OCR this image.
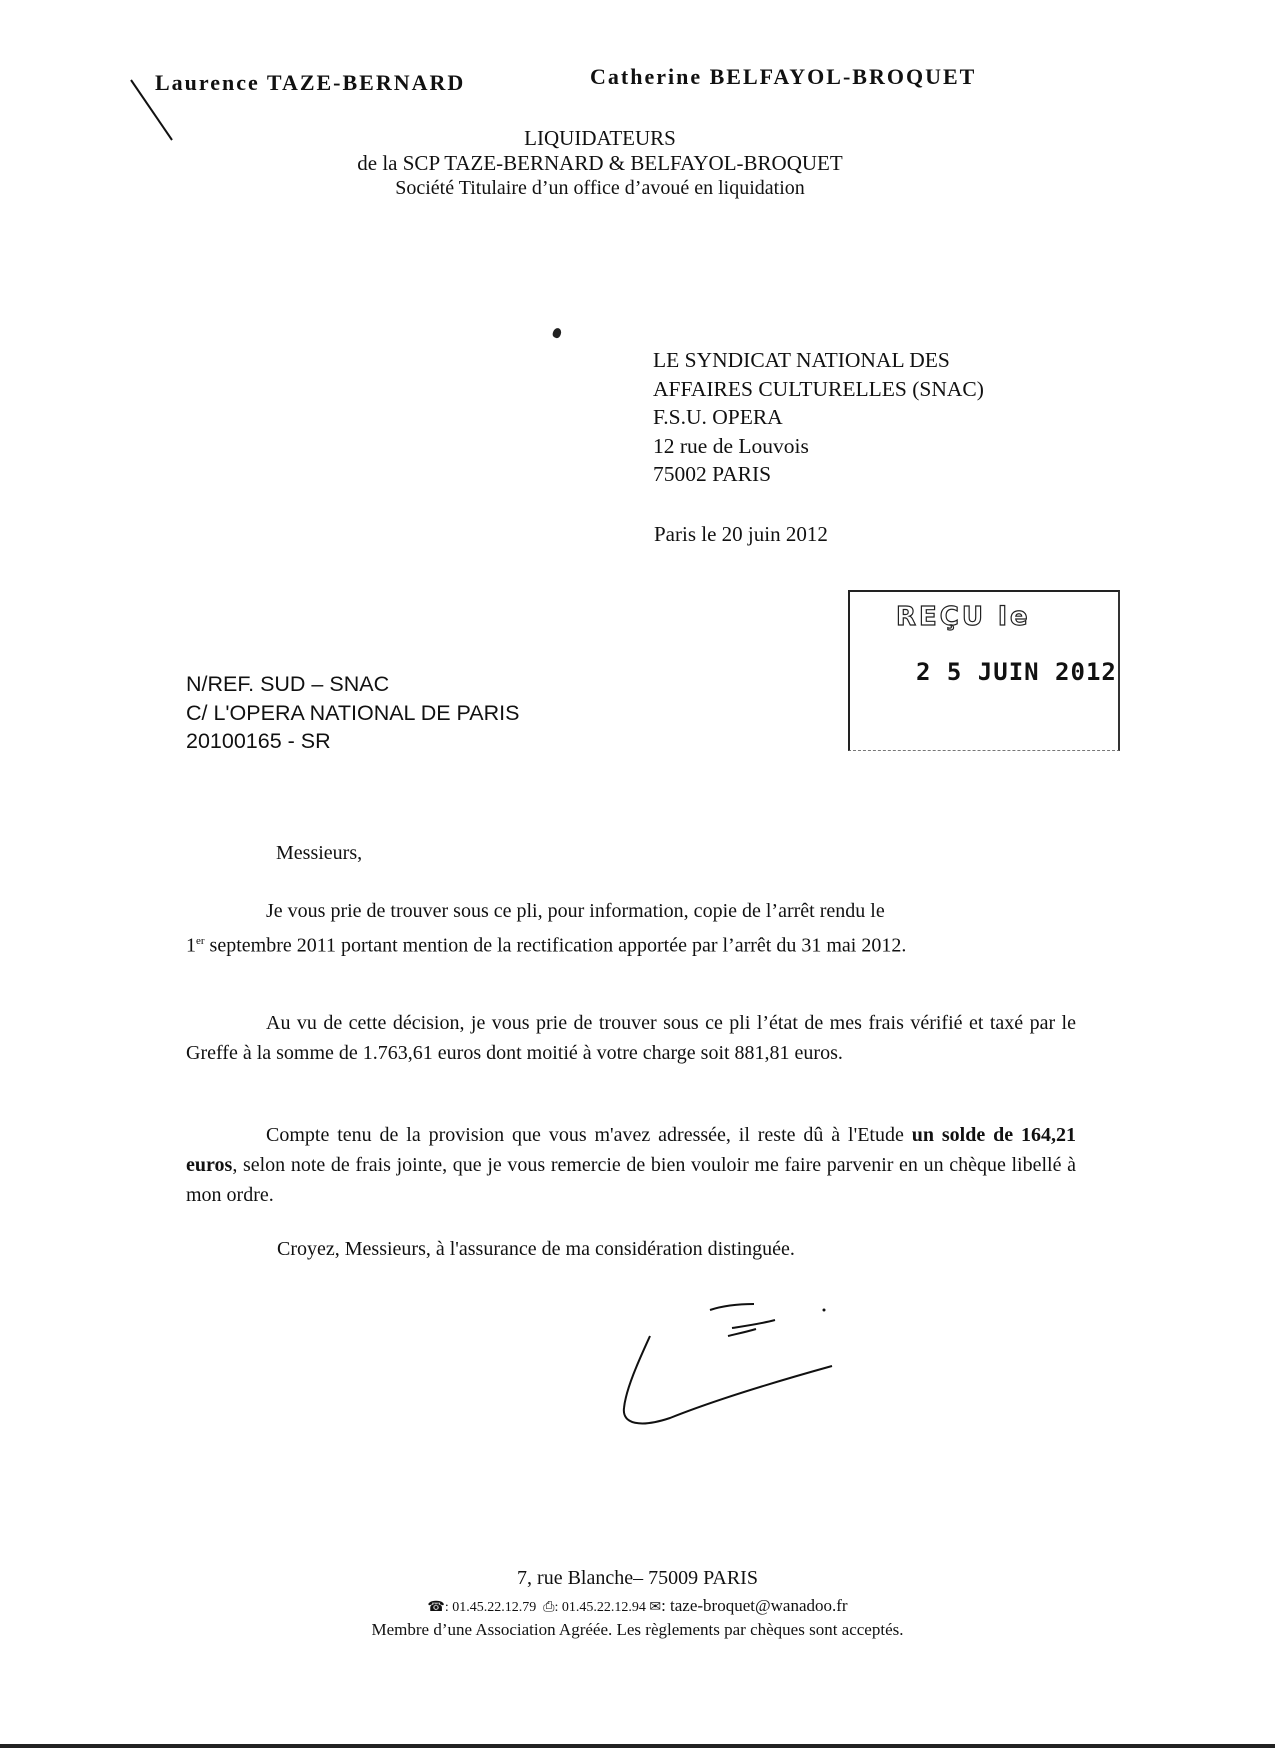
Laurence TAZE-BERNARD	Catherine BELFAYOL-BROQUET
LIQUIDATEURS
de la SCP TAZE-BERNARD & BELFAYOL-BROQUET
Société Titulaire d’un office d’avoué en liquidation
LE SYNDICAT NATIONAL DES
AFFAIRES CULTURELLES (SNAC)
F.S.U. OPERA
12 rue de Louvois
75002 PARIS
Paris le 20 juin 2012
REÇU le
2 5 JUIN 2012
N/REF. SUD – SNAC
C/ L'OPERA NATIONAL DE PARIS
20100165 - SR
Messieurs,

Je vous prie de trouver sous ce pli, pour information, copie de l’arrêt rendu le
1er septembre 2011 portant mention de la rectification apportée par l’arrêt du 31 mai 2012.

Au vu de cette décision, je vous prie de trouver sous ce pli l’état de mes frais vérifié et taxé par le Greffe à la somme de 1.763,61 euros dont moitié à votre charge soit 881,81 euros.

Compte tenu de la provision que vous m'avez adressée, il reste dû à l'Etude un solde de 164,21 euros, selon note de frais jointe, que je vous remercie de bien vouloir me faire parvenir en un chèque libellé à mon ordre.

Croyez, Messieurs, à l'assurance de ma considération distinguée.
7, rue Blanche– 75009 PARIS
☎: 01.45.22.12.79 ⎙: 01.45.22.12.94 ✉: taze-broquet@wanadoo.fr
Membre d’une Association Agréée. Les règlements par chèques sont acceptés.
